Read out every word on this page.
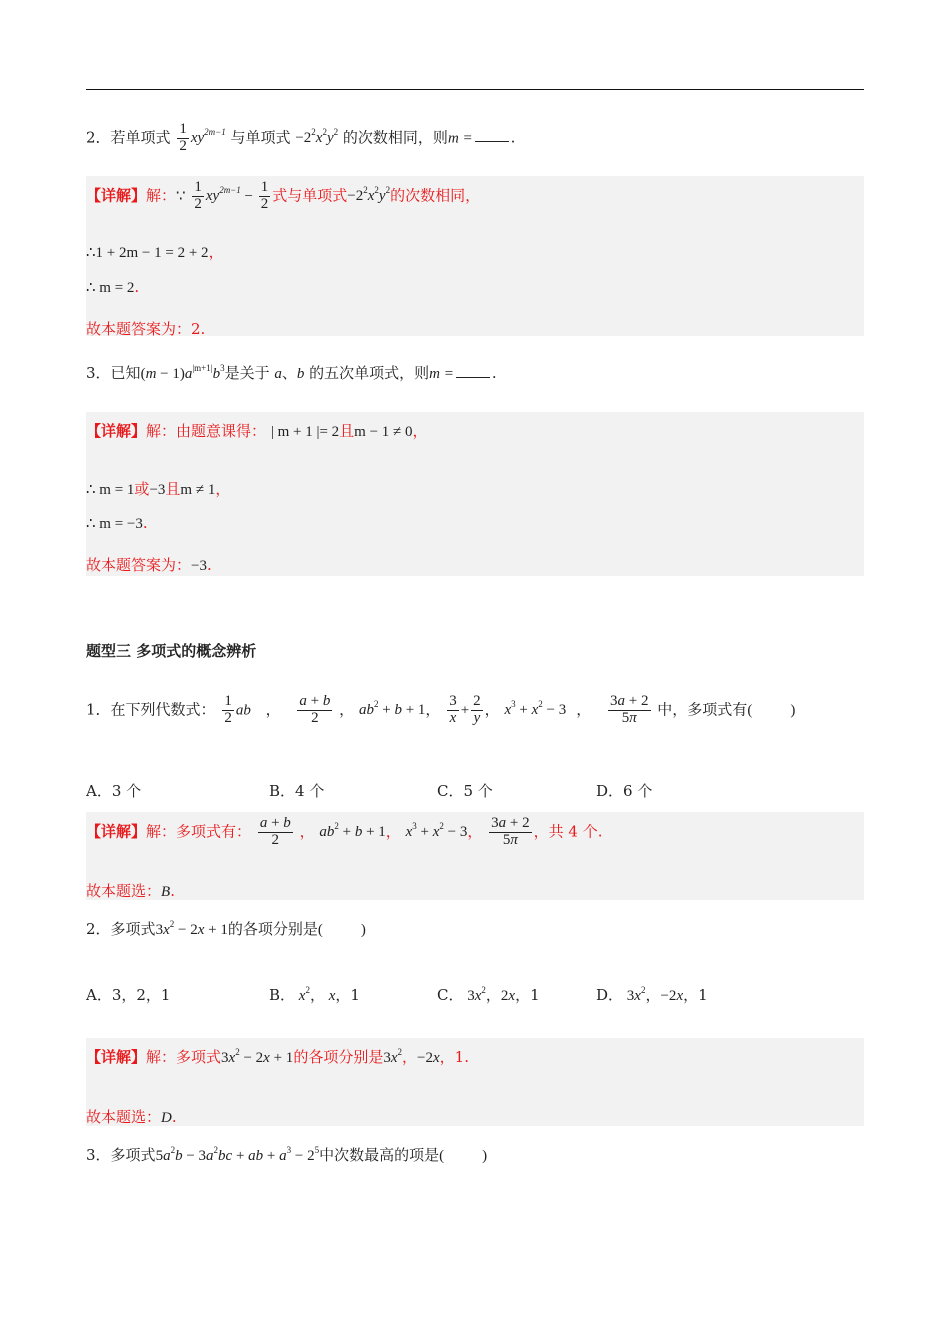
2．若单项式 $\frac{1}{2} xy^{2m-1}$ 与单项式 $-2^2x^2y^2$ 的次数相同，则m =	.
【详解】解：∵ $\frac{1}{2} xy^{2m-1} - \frac{1}{2}$ 式与单项式$-2^2x^2y^2$的次数相同，
∴1 + 2m − 1 = 2 + 2，
∴ m = 2.
故本题答案为：2.
3．已知$(m - 1)a^{|m+1|}b^3$是关于 a、b 的五次单项式，则m =	.
【详解】解：由题意课得： | m + 1 |= 2且m − 1 ≠ 0，
∴ m = 1或−3且m ≠ 1，
∴ m = −3.
故本题答案为：−3.
题型三 多项式的概念辨析
1．在下列代数式： $\frac{1}{2}$ ab ， $\frac{a + b}{2}$ ， $ab^2 + b + 1$， $\frac{3}{x} + \frac{2}{y}$ ， $x^3 + x^2 - 3$ ， $\frac{3a + 2}{5\pi}$ 中，多项式有(	)
A．3 个	B．4 个	C．5 个	D．6 个
【详解】解：多项式有： $\frac{a + b}{2}$ ， $ab^2 + b + 1$， $x^3 + x^2 - 3$， $\frac{3a + 2}{5\pi}$ ，共 4 个.
故本题选：B.
2．多项式$3x^2 - 2x + 1$的各项分别是(	)
A．3，2，1	B． $x^2$， x，1	C． $3x^2$，2x，1	D． $3x^2$，−2x，1
【详解】解：多项式$3x^2 - 2x + 1$的各项分别是$3x^2$，−2x，1.
故本题选：D.
3．多项式$5a^2b - 3a^2bc$ + ab + $a^3 - 2^5$中次数最高的项是(	)
